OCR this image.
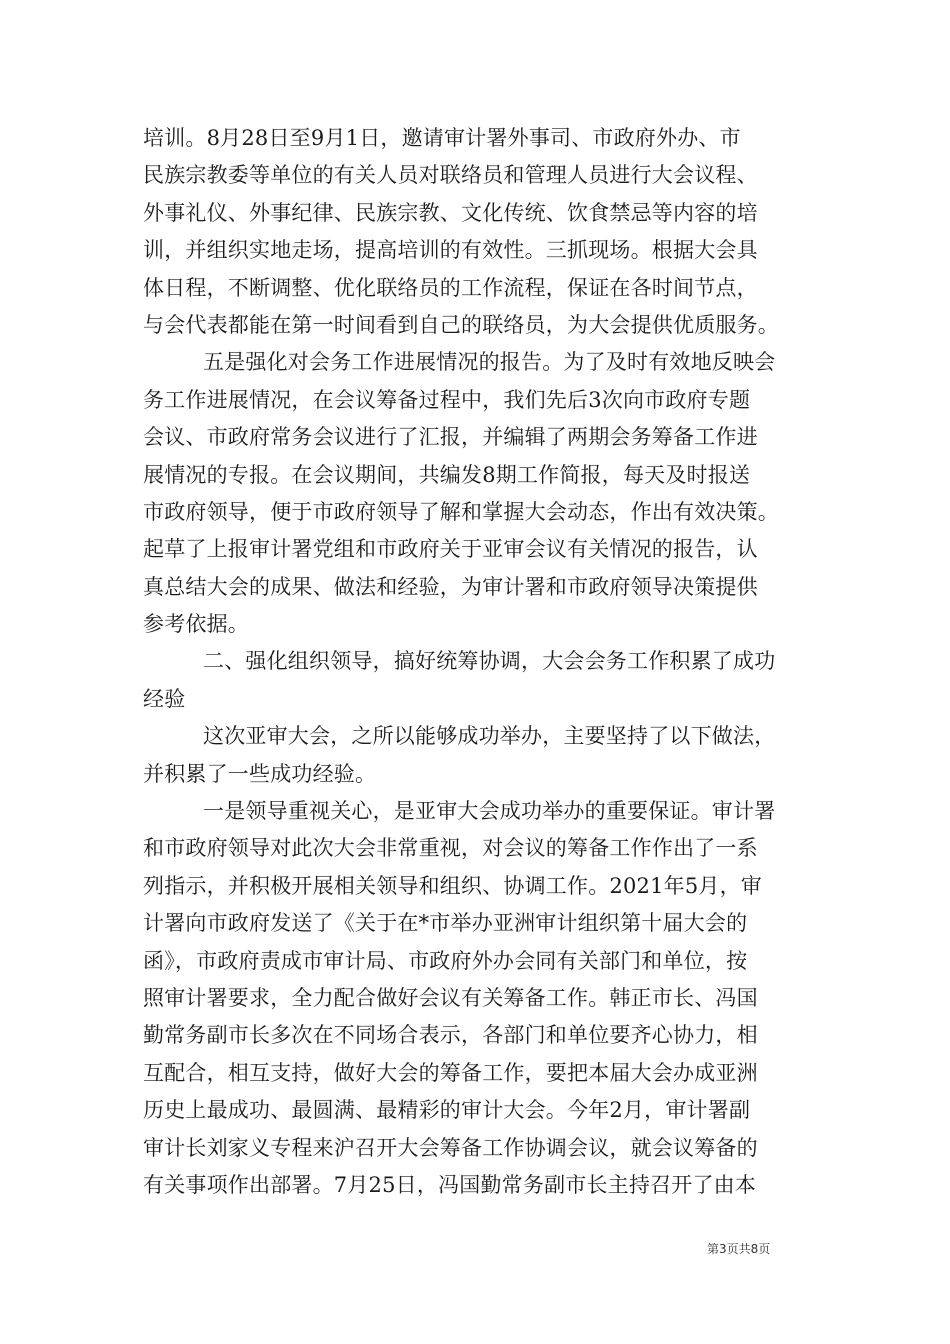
培训。8月28日至9月1日，邀请审计署外事司、市政府外办、市
民族宗教委等单位的有关人员对联络员和管理人员进行大会议程、
外事礼仪、外事纪律、民族宗教、文化传统、饮食禁忌等内容的培
训，并组织实地走场，提高培训的有效性。三抓现场。根据大会具
体日程，不断调整、优化联络员的工作流程，保证在各时间节点，
与会代表都能在第一时间看到自己的联络员，为大会提供优质服务。
五是强化对会务工作进展情况的报告。为了及时有效地反映会
务工作进展情况，在会议筹备过程中，我们先后3次向市政府专题
会议、市政府常务会议进行了汇报，并编辑了两期会务筹备工作进
展情况的专报。在会议期间，共编发8期工作简报，每天及时报送
市政府领导，便于市政府领导了解和掌握大会动态，作出有效决策。
起草了上报审计署党组和市政府关于亚审会议有关情况的报告，认
真总结大会的成果、做法和经验，为审计署和市政府领导决策提供
参考依据。
二、强化组织领导，搞好统筹协调，大会会务工作积累了成功
经验
这次亚审大会，之所以能够成功举办，主要坚持了以下做法，
并积累了一些成功经验。
一是领导重视关心，是亚审大会成功举办的重要保证。审计署
和市政府领导对此次大会非常重视，对会议的筹备工作作出了一系
列指示，并积极开展相关领导和组织、协调工作。2021年5月，审
计署向市政府发送了《关于在*市举办亚洲审计组织第十届大会的
函》，市政府责成市审计局、市政府外办会同有关部门和单位，按
照审计署要求，全力配合做好会议有关筹备工作。韩正市长、冯国
勤常务副市长多次在不同场合表示，各部门和单位要齐心协力，相
互配合，相互支持，做好大会的筹备工作，要把本届大会办成亚洲
历史上最成功、最圆满、最精彩的审计大会。今年2月，审计署副
审计长刘家义专程来沪召开大会筹备工作协调会议，就会议筹备的
有关事项作出部署。7月25日，冯国勤常务副市长主持召开了由本
第3页共8页
